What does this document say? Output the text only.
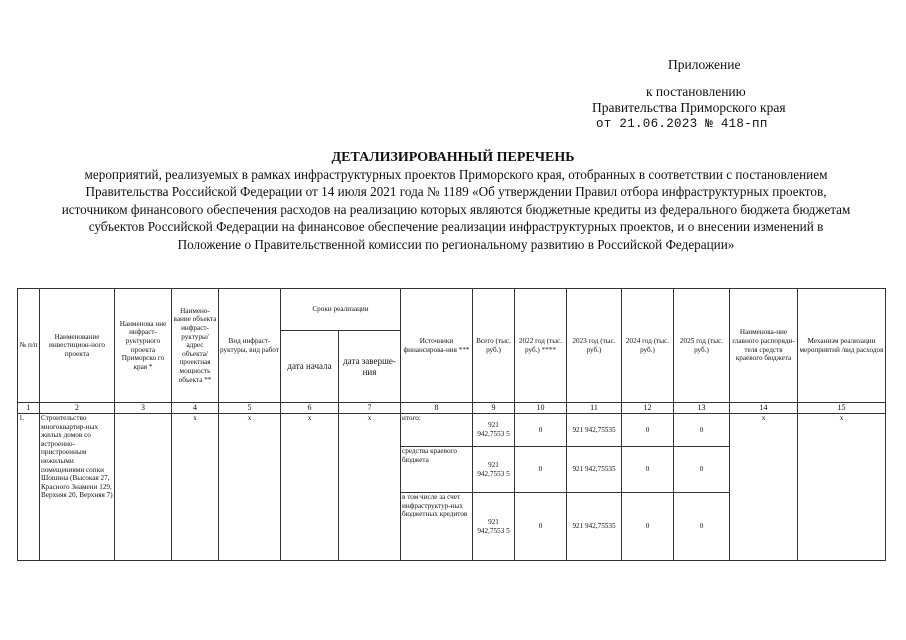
Приложение
к постановлению
Правительства Приморского края
от 21.06.2023 № 418-пп
ДЕТАЛИЗИРОВАННЫЙ ПЕРЕЧЕНЬ
мероприятий, реализуемых в рамках инфраструктурных проектов Приморского края, отобранных в соответствии с постановлением Правительства Российской Федерации от 14 июля 2021 года № 1189 «Об утверждении Правил отбора инфраструктурных проектов, источником финансового обеспечения расходов на реализацию которых являются бюджетные кредиты из федерального бюджета бюджетам субъектов Российской Федерации на финансовое обеспечение реализации инфраструктурных проектов, и о внесении изменений в Положение о Правительственной комиссии по региональному развитию в Российской Федерации»
№ п/п	Наименование инвестицион-ного проекта	Наименова ние инфраст-руктурного проекта Приморско го края *	Наимено-вание объекта инфраст-руктуры/ адрес объекта/ проектная мощность объекта **	Вид инфраст-руктуры, вид работ	Сроки реализации		Источники финансирова-ния ***	Всего (тыс. руб.)	2022 год (тыс. руб.) ****	2023 год (тыс. руб.)	2024 год (тыс. руб.)	2025 год (тыс. руб.)	Наименова-ние главного распоряди-теля средств краевого бюджета	Механизм реализации мероприятий /вид расходов
					дата начала	дата заверше-ния								
1	2	3	4	5	6	7	8	9	10	11	12	13	14	15
1.	Строительство многоквартир-ных жилых домов со встроенно-пристроенным нежилыми помещениями сопки Шошина (Высокая 27, Красного Знамени 129, Верхняя 20, Верхняя 7)		x	x	x	x	итого:	921 942,7553 5	0	921 942,75535	0	0	x	x
							средства краевого бюджета	921 942,7553 5	0	921 942,75535	0	0		
							в том числе за счет инфраструктур-ных бюджетных кредитов	921 942,7553 5	0	921 942,75535	0	0		
